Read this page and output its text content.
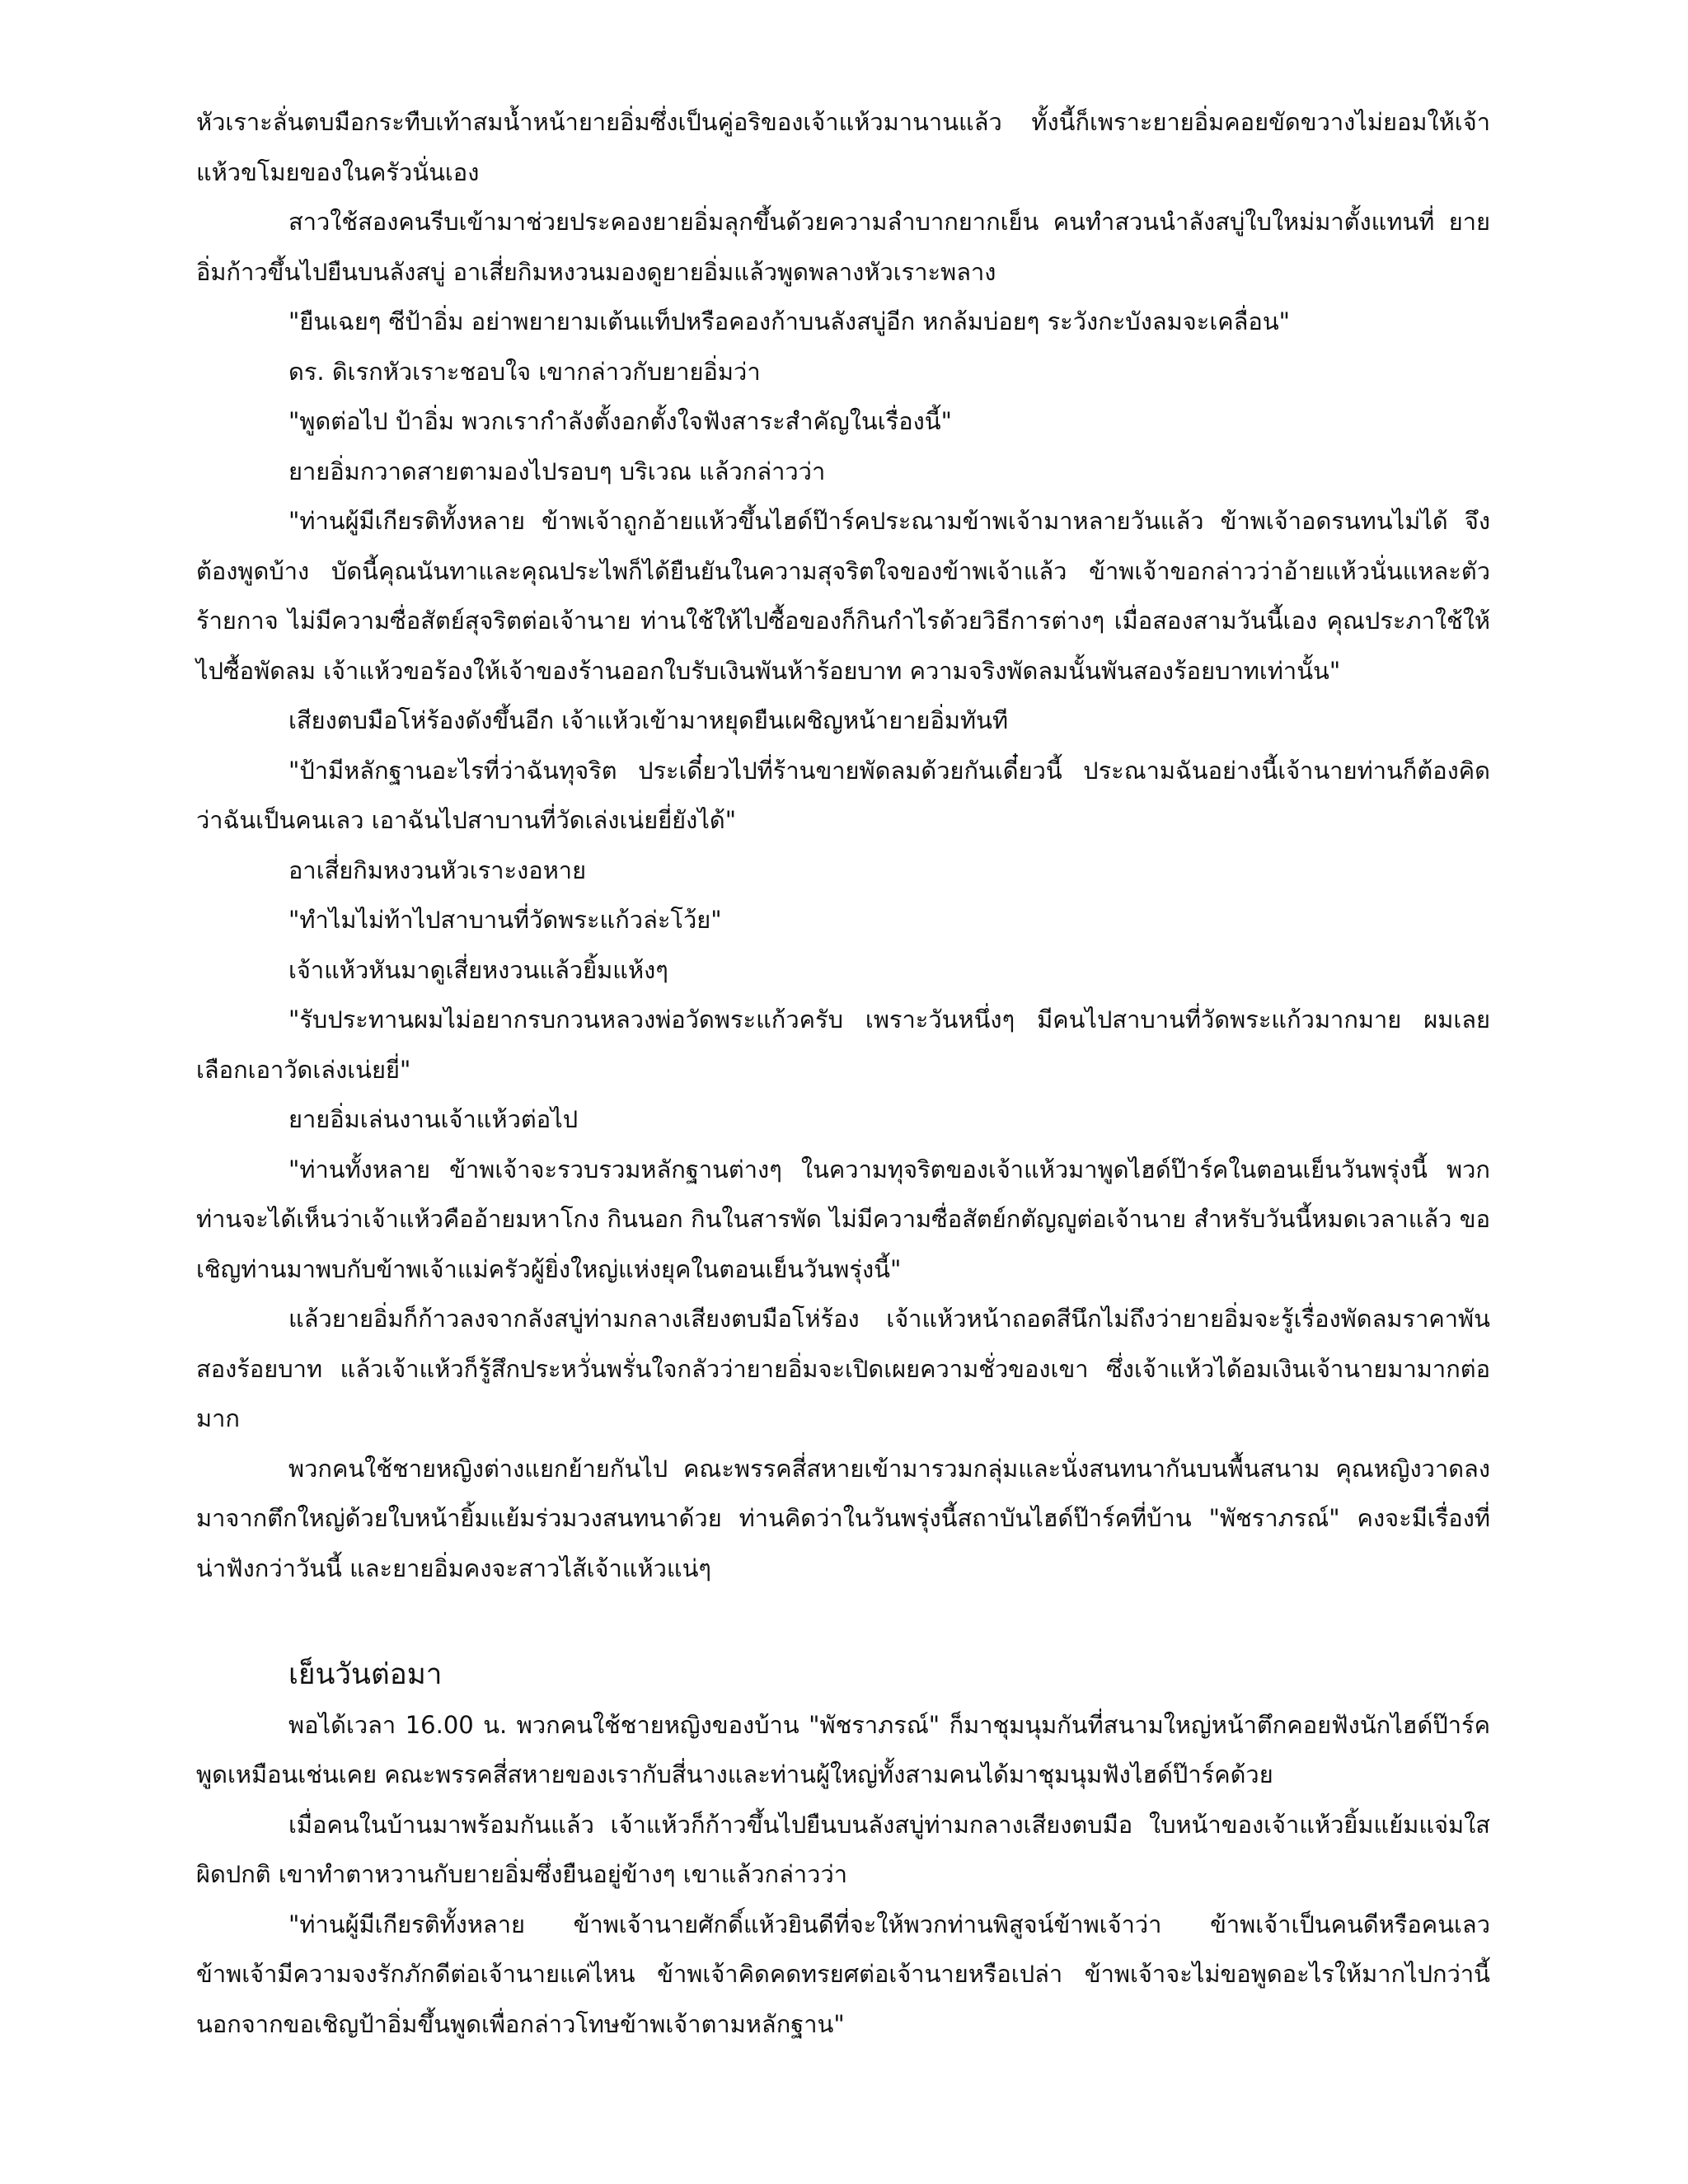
หัวเราะลั่นตบมือกระทืบเท้าสมน้ำหน้ายายอิ่มซึ่งเป็นคู่อริของเจ้าแห้วมานานแล้ว ทั้งนี้ก็เพราะยายอิ่มคอยขัดขวางไม่ยอมให้เจ้าแห้วขโมยของในครัวนั่นเอง

สาวใช้สองคนรีบเข้ามาช่วยประคองยายอิ่มลุกขึ้นด้วยความลำบากยากเย็น คนทำสวนนำลังสบู่ใบใหม่มาตั้งแทนที่ ยายอิ่มก้าวขึ้นไปยืนบนลังสบู่ อาเสี่ยกิมหงวนมองดูยายอิ่มแล้วพูดพลางหัวเราะพลาง

"ยืนเฉยๆ ซีป้าอิ่ม อย่าพยายามเต้นแท็ปหรือคองก้าบนลังสบู่อีก หกล้มบ่อยๆ ระวังกะบังลมจะเคลื่อน"

ดร. ดิเรกหัวเราะชอบใจ เขากล่าวกับยายอิ่มว่า

"พูดต่อไป ป้าอิ่ม พวกเรากำลังตั้งอกตั้งใจฟังสาระสำคัญในเรื่องนี้"

ยายอิ่มกวาดสายตามองไปรอบๆ บริเวณ แล้วกล่าวว่า

"ท่านผู้มีเกียรติทั้งหลาย ข้าพเจ้าถูกอ้ายแห้วขึ้นไฮด์ป๊าร์คประณามข้าพเจ้ามาหลายวันแล้ว ข้าพเจ้าอดรนทนไม่ได้ จึงต้องพูดบ้าง บัดนี้คุณนันทาและคุณประไพก็ได้ยืนยันในความสุจริตใจของข้าพเจ้าแล้ว ข้าพเจ้าขอกล่าวว่าอ้ายแห้วนั่นแหละตัวร้ายกาจ ไม่มีความซื่อสัตย์สุจริตต่อเจ้านาย ท่านใช้ให้ไปซื้อของก็กินกำไรด้วยวิธีการต่างๆ เมื่อสองสามวันนี้เอง คุณประภาใช้ให้ไปซื้อพัดลม เจ้าแห้วขอร้องให้เจ้าของร้านออกใบรับเงินพันห้าร้อยบาท ความจริงพัดลมนั้นพันสองร้อยบาทเท่านั้น"

เสียงตบมือโห่ร้องดังขึ้นอีก เจ้าแห้วเข้ามาหยุดยืนเผชิญหน้ายายอิ่มทันที

"ป้ามีหลักฐานอะไรที่ว่าฉันทุจริต ประเดี๋ยวไปที่ร้านขายพัดลมด้วยกันเดี๋ยวนี้ ประณามฉันอย่างนี้เจ้านายท่านก็ต้องคิดว่าฉันเป็นคนเลว เอาฉันไปสาบานที่วัดเล่งเน่ยยี่ยังได้"

อาเสี่ยกิมหงวนหัวเราะงอหาย

"ทำไมไม่ท้าไปสาบานที่วัดพระแก้วล่ะโว้ย"

เจ้าแห้วหันมาดูเสี่ยหงวนแล้วยิ้มแห้งๆ

"รับประทานผมไม่อยากรบกวนหลวงพ่อวัดพระแก้วครับ เพราะวันหนึ่งๆ มีคนไปสาบานที่วัดพระแก้วมากมาย ผมเลยเลือกเอาวัดเล่งเน่ยยี่"

ยายอิ่มเล่นงานเจ้าแห้วต่อไป

"ท่านทั้งหลาย ข้าพเจ้าจะรวบรวมหลักฐานต่างๆ ในความทุจริตของเจ้าแห้วมาพูดไฮด์ป๊าร์คในตอนเย็นวันพรุ่งนี้ พวกท่านจะได้เห็นว่าเจ้าแห้วคืออ้ายมหาโกง กินนอก กินในสารพัด ไม่มีความซื่อสัตย์กตัญญูต่อเจ้านาย สำหรับวันนี้หมดเวลาแล้ว ขอเชิญท่านมาพบกับข้าพเจ้าแม่ครัวผู้ยิ่งใหญ่แห่งยุคในตอนเย็นวันพรุ่งนี้"

แล้วยายอิ่มก็ก้าวลงจากลังสบู่ท่ามกลางเสียงตบมือโห่ร้อง เจ้าแห้วหน้าถอดสีนึกไม่ถึงว่ายายอิ่มจะรู้เรื่องพัดลมราคาพันสองร้อยบาท แล้วเจ้าแห้วก็รู้สึกประหวั่นพรั่นใจกลัวว่ายายอิ่มจะเปิดเผยความชั่วของเขา ซึ่งเจ้าแห้วได้อมเงินเจ้านายมามากต่อมาก

พวกคนใช้ชายหญิงต่างแยกย้ายกันไป คณะพรรคสี่สหายเข้ามารวมกลุ่มและนั่งสนทนากันบนพื้นสนาม คุณหญิงวาดลงมาจากตึกใหญ่ด้วยใบหน้ายิ้มแย้มร่วมวงสนทนาด้วย ท่านคิดว่าในวันพรุ่งนี้สถาบันไฮด์ป๊าร์คที่บ้าน "พัชราภรณ์" คงจะมีเรื่องที่น่าฟังกว่าวันนี้ และยายอิ่มคงจะสาวไส้เจ้าแห้วแน่ๆ

เย็นวันต่อมา

พอได้เวลา 16.00 น. พวกคนใช้ชายหญิงของบ้าน "พัชราภรณ์" ก็มาชุมนุมกันที่สนามใหญ่หน้าตึกคอยฟังนักไฮด์ป๊าร์คพูดเหมือนเช่นเคย คณะพรรคสี่สหายของเรากับสี่นางและท่านผู้ใหญ่ทั้งสามคนได้มาชุมนุมฟังไฮด์ป๊าร์คด้วย

เมื่อคนในบ้านมาพร้อมกันแล้ว เจ้าแห้วก็ก้าวขึ้นไปยืนบนลังสบู่ท่ามกลางเสียงตบมือ ใบหน้าของเจ้าแห้วยิ้มแย้มแจ่มใสผิดปกติ เขาทำตาหวานกับยายอิ่มซึ่งยืนอยู่ข้างๆ เขาแล้วกล่าวว่า

"ท่านผู้มีเกียรติทั้งหลาย ข้าพเจ้านายศักดิ์แห้วยินดีที่จะให้พวกท่านพิสูจน์ข้าพเจ้าว่า ข้าพเจ้าเป็นคนดีหรือคนเลว ข้าพเจ้ามีความจงรักภักดีต่อเจ้านายแค่ไหน ข้าพเจ้าคิดคดทรยศต่อเจ้านายหรือเปล่า ข้าพเจ้าจะไม่ขอพูดอะไรให้มากไปกว่านี้ นอกจากขอเชิญป้าอิ่มขึ้นพูดเพื่อกล่าวโทษข้าพเจ้าตามหลักฐาน"
